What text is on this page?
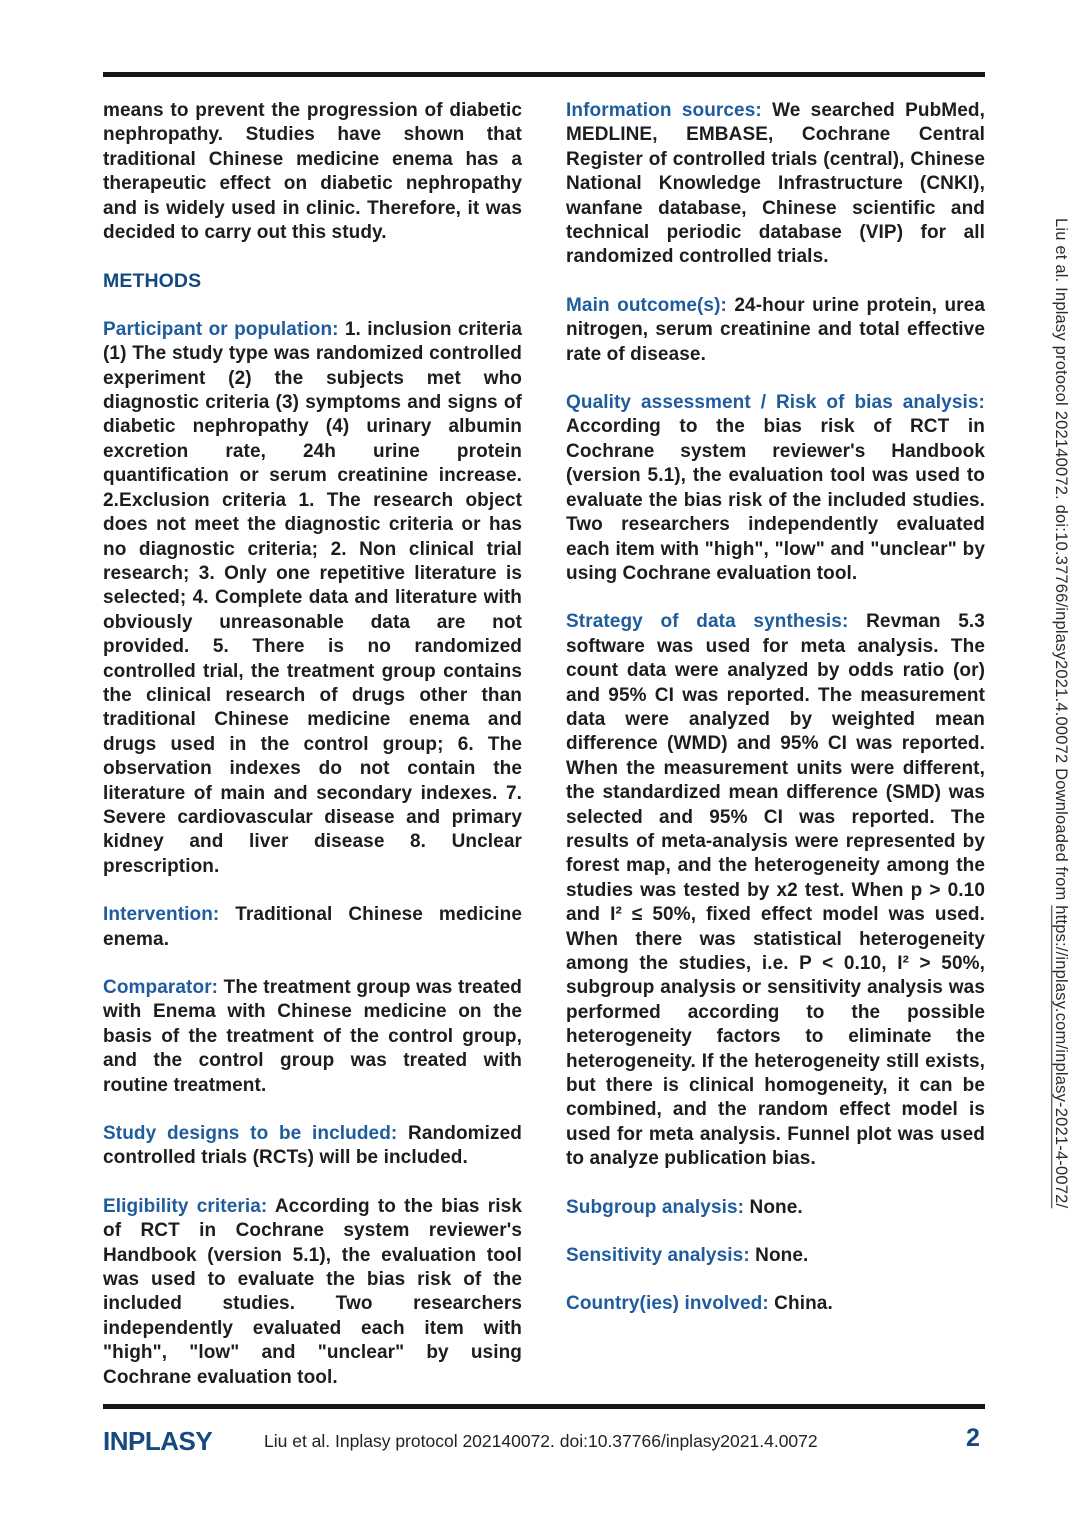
means to prevent the progression of diabetic nephropathy. Studies have shown that traditional Chinese medicine enema has a therapeutic effect on diabetic nephropathy and is widely used in clinic. Therefore, it was decided to carry out this study.

METHODS

Participant or population: 1. inclusion criteria (1) The study type was randomized controlled experiment (2) the subjects met who diagnostic criteria (3) symptoms and signs of diabetic nephropathy (4) urinary albumin excretion rate, 24h urine protein quantification or serum creatinine increase. 2.Exclusion criteria 1. The research object does not meet the diagnostic criteria or has no diagnostic criteria; 2. Non clinical trial research; 3. Only one repetitive literature is selected; 4. Complete data and literature with obviously unreasonable data are not provided. 5. There is no randomized controlled trial, the treatment group contains the clinical research of drugs other than traditional Chinese medicine enema and drugs used in the control group; 6. The observation indexes do not contain the literature of main and secondary indexes. 7. Severe cardiovascular disease and primary kidney and liver disease 8. Unclear prescription.

Intervention: Traditional Chinese medicine enema.

Comparator: The treatment group was treated with Enema with Chinese medicine on the basis of the treatment of the control group, and the control group was treated with routine treatment.

Study designs to be included: Randomized controlled trials (RCTs) will be included.

Eligibility criteria: According to the bias risk of RCT in Cochrane system reviewer's Handbook (version 5.1), the evaluation tool was used to evaluate the bias risk of the included studies. Two researchers independently evaluated each item with "high", "low" and "unclear" by using Cochrane evaluation tool.

Information sources: We searched PubMed, MEDLINE, EMBASE, Cochrane Central Register of controlled trials (central), Chinese National Knowledge Infrastructure (CNKI), wanfane database, Chinese scientific and technical periodic database (VIP) for all randomized controlled trials.

Main outcome(s): 24-hour urine protein, urea nitrogen, serum creatinine and total effective rate of disease.

Quality assessment / Risk of bias analysis: According to the bias risk of RCT in Cochrane system reviewer's Handbook (version 5.1), the evaluation tool was used to evaluate the bias risk of the included studies. Two researchers independently evaluated each item with "high", "low" and "unclear" by using Cochrane evaluation tool.

Strategy of data synthesis: Revman 5.3 software was used for meta analysis. The count data were analyzed by odds ratio (or) and 95% CI was reported. The measurement data were analyzed by weighted mean difference (WMD) and 95% CI was reported. When the measurement units were different, the standardized mean difference (SMD) was selected and 95% CI was reported. The results of meta-analysis were represented by forest map, and the heterogeneity among the studies was tested by x2 test. When p > 0.10 and I² ≤ 50%, fixed effect model was used. When there was statistical heterogeneity among the studies, i.e. P < 0.10, I² > 50%, subgroup analysis or sensitivity analysis was performed according to the possible heterogeneity factors to eliminate the heterogeneity. If the heterogeneity still exists, but there is clinical homogeneity, it can be combined, and the random effect model is used for meta analysis. Funnel plot was used to analyze publication bias.

Subgroup analysis: None.

Sensitivity analysis: None.

Country(ies) involved: China.

Liu et al. Inplasy protocol 202140072. doi:10.37766/inplasy2021.4.00072 Downloaded from https://inplasy.com/inplasy-2021-4-0072/
INPLASY	Liu et al. Inplasy protocol 202140072. doi:10.37766/inplasy2021.4.0072	2
